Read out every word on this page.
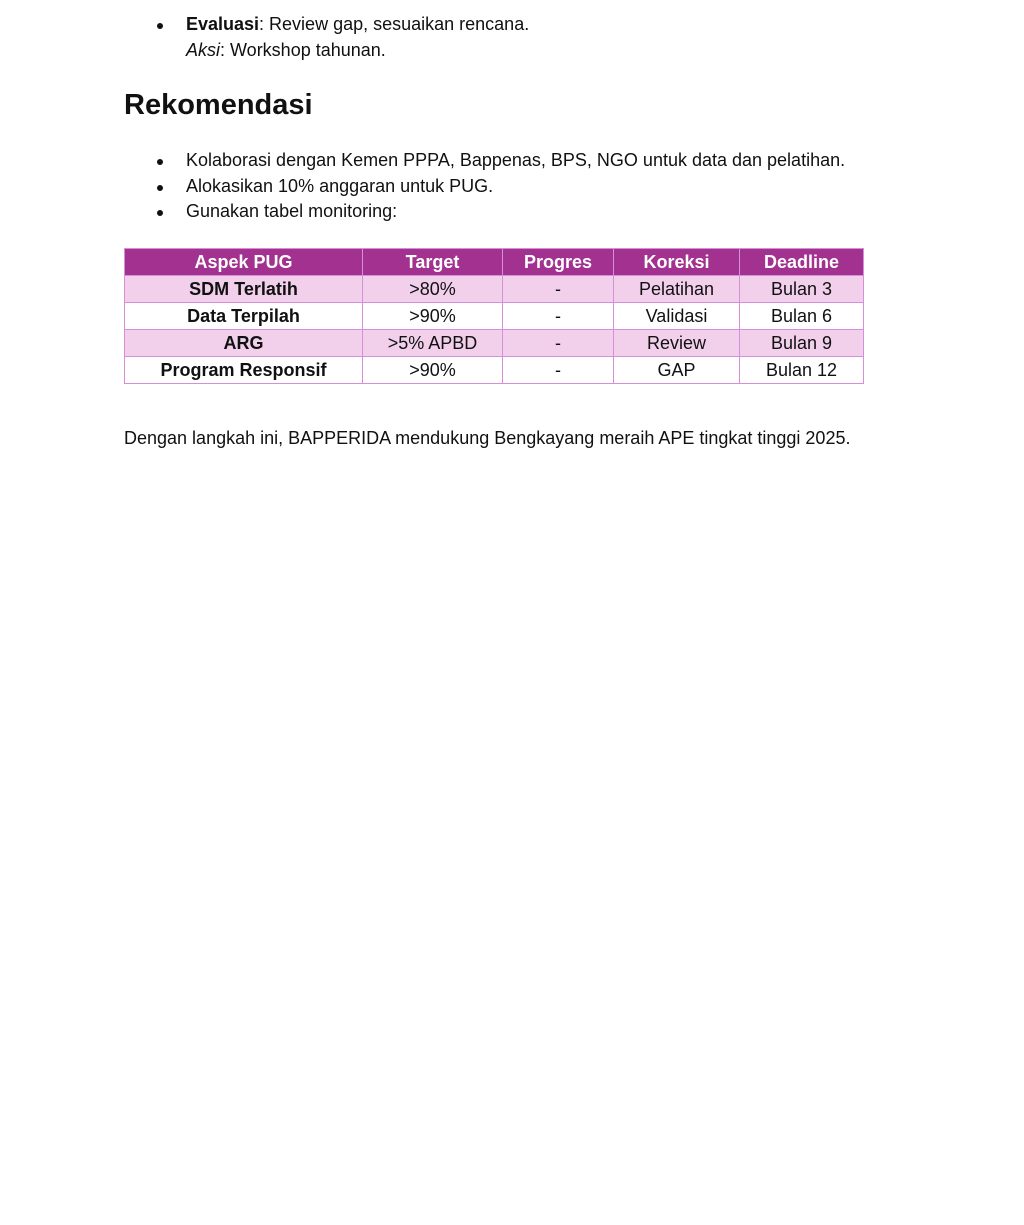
Evaluasi: Review gap, sesuaikan rencana.
Aksi: Workshop tahunan.
Rekomendasi
Kolaborasi dengan Kemen PPPA, Bappenas, BPS, NGO untuk data dan pelatihan.
Alokasikan 10% anggaran untuk PUG.
Gunakan tabel monitoring:
Aspek PUG	Target	Progres	Koreksi	Deadline
SDM Terlatih	>80%	-	Pelatihan	Bulan 3
Data Terpilah	>90%	-	Validasi	Bulan 6
ARG	>5% APBD	-	Review	Bulan 9
Program Responsif	>90%	-	GAP	Bulan 12

Dengan langkah ini, BAPPERIDA mendukung Bengkayang meraih APE tingkat tinggi 2025.
